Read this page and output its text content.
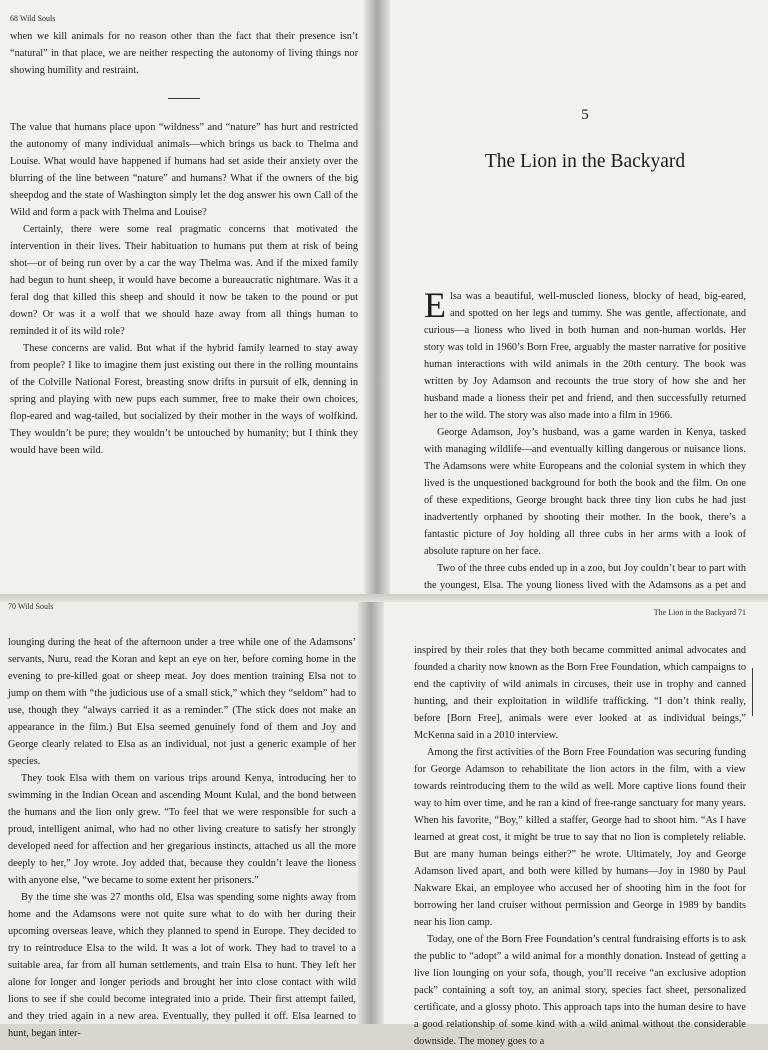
68 Wild Souls

when we kill animals for no reason other than the fact that their presence isn’t “natural” in that place, we are neither respecting the autonomy of living things nor showing humility and restraint.

The value that humans place upon “wildness” and “nature” has hurt and restricted the autonomy of many individual animals—which brings us back to Thelma and Louise. What would have happened if humans had set aside their anxiety over the blurring of the line between “nature” and humans? What if the owners of the big sheepdog and the state of Washington simply let the dog answer his own Call of the Wild and form a pack with Thelma and Louise?

Certainly, there were some real pragmatic concerns that motivated the intervention in their lives. Their habituation to humans put them at risk of being shot—or of being run over by a car the way Thelma was. And if the mixed family had begun to hunt sheep, it would have become a bureaucratic nightmare. Was it a feral dog that killed this sheep and should it now be taken to the pound or put down? Or was it a wolf that we should haze away from all things human to reminded it of its wild role?

These concerns are valid. But what if the hybrid family learned to stay away from people? I like to imagine them just existing out there in the rolling mountains of the Colville National Forest, breasting snow drifts in pursuit of elk, denning in spring and playing with new pups each summer, free to make their own choices, flop-eared and wag-tailed, but socialized by their mother in the ways of wolfkind. They wouldn’t be pure; they wouldn’t be untouched by humanity; but I think they would have been wild.

5
The Lion in the Backyard
E lsa was a beautiful, well-muscled lioness, blocky of head, big-eared, and spotted on her legs and tummy. She was gentle, affectionate, and curious—a lioness who lived in both human and non-human worlds. Her story was told in 1960’s Born Free, arguably the master narrative for positive human interactions with wild animals in the 20th century. The book was written by Joy Adamson and recounts the true story of how she and her husband made a lioness their pet and friend, and then successfully returned her to the wild. The story was also made into a film in 1966.

George Adamson, Joy’s husband, was a game warden in Kenya, tasked with managing wildlife—and eventually killing dangerous or nuisance lions. The Adamsons were white Europeans and the colonial system in which they lived is the unquestioned background for both the book and the film. On one of these expeditions, George brought back three tiny lion cubs he had just inadvertently orphaned by shooting their mother. In the book, there’s a fantastic picture of Joy holding all three cubs in her arms with a look of absolute rapture on her face.

Two of the three cubs ended up in a zoo, but Joy couldn’t bear to part with the youngest, Elsa. The young lioness lived with the Adamsons as a pet and

70 Wild Souls

lounging during the heat of the afternoon under a tree while one of the Adamsons’ servants, Nuru, read the Koran and kept an eye on her, before coming home in the evening to pre-killed goat or sheep meat. Joy does mention training Elsa not to jump on them with “the judicious use of a small stick,” which they “seldom” had to use, though they “always carried it as a reminder.” (The stick does not make an appearance in the film.) But Elsa seemed genuinely fond of them and Joy and George clearly related to Elsa as an individual, not just a generic example of her species.

They took Elsa with them on various trips around Kenya, introducing her to swimming in the Indian Ocean and ascending Mount Kulal, and the bond between the humans and the lion only grew. “To feel that we were responsible for such a proud, intelligent animal, who had no other living creature to satisfy her strongly developed need for affection and her gregarious instincts, attached us all the more deeply to her,” Joy wrote. Joy added that, because they couldn’t leave the lioness with anyone else, “we became to some extent her prisoners.”

By the time she was 27 months old, Elsa was spending some nights away from home and the Adamsons were not quite sure what to do with her during their upcoming overseas leave, which they planned to spend in Europe. They decided to try to reintroduce Elsa to the wild. It was a lot of work. They had to travel to a suitable area, far from all human settlements, and train Elsa to hunt. They left her alone for longer and longer periods and brought her into close contact with wild lions to see if she could become integrated into a pride. Their first attempt failed, and they tried again in a new area. Eventually, they pulled it off. Elsa learned to hunt, began inter-

The Lion in the Backyard 71

inspired by their roles that they both became committed animal advocates and founded a charity now known as the Born Free Foundation, which campaigns to end the captivity of wild animals in circuses, their use in trophy and canned hunting, and their exploitation in wildlife trafficking. “I don’t think really, before [Born Free], animals were ever looked at as individual beings,” McKenna said in a 2010 interview.

Among the first activities of the Born Free Foundation was securing funding for George Adamson to rehabilitate the lion actors in the film, with a view towards reintroducing them to the wild as well. More captive lions found their way to him over time, and he ran a kind of free-range sanctuary for many years. When his favorite, “Boy,” killed a staffer, George had to shoot him. “As I have learned at great cost, it might be true to say that no lion is completely reliable. But are many human beings either?” he wrote. Ultimately, Joy and George Adamson lived apart, and both were killed by humans—Joy in 1980 by Paul Nakware Ekai, an employee who accused her of shooting him in the foot for borrowing her land cruiser without permission and George in 1989 by bandits near his lion camp.

Today, one of the Born Free Foundation’s central fundraising efforts is to ask the public to “adopt” a wild animal for a monthly donation. Instead of getting a live lion lounging on your sofa, though, you’ll receive “an exclusive adoption pack” containing a soft toy, an animal story, species fact sheet, personalized certificate, and a glossy photo. This approach taps into the human desire to have a good relationship of some kind with a wild animal without the considerable downside. The money goes to a
